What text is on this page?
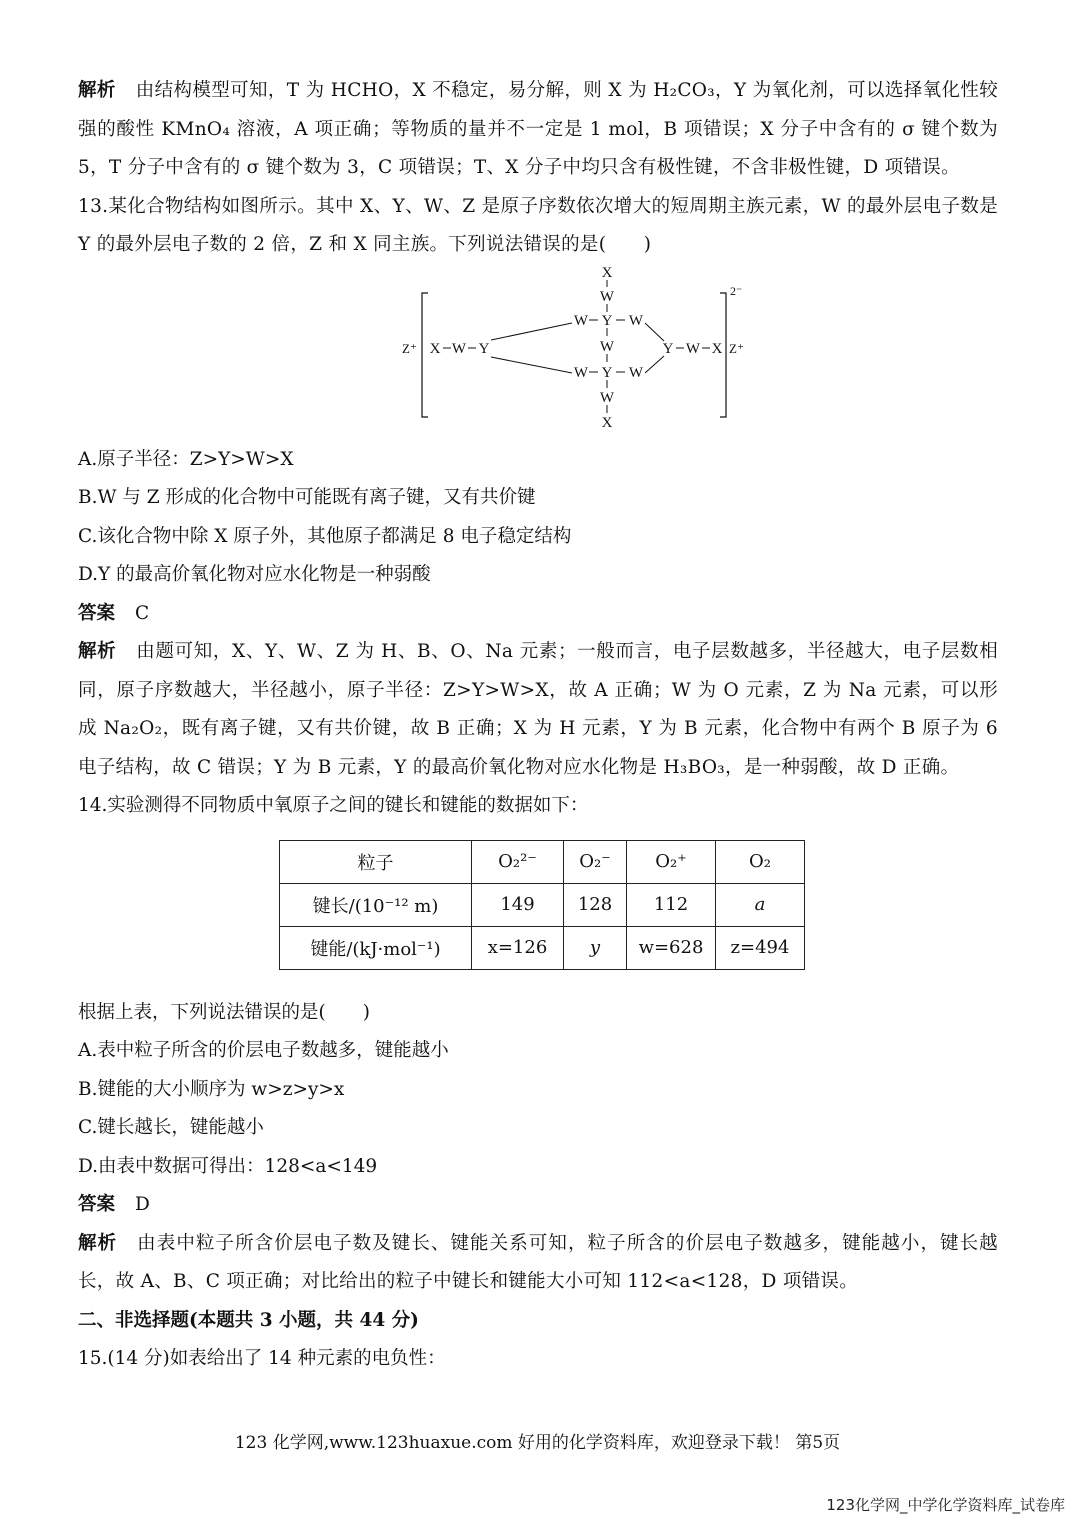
解析 由结构模型可知，T 为 HCHO，X 不稳定，易分解，则 X 为 H₂CO₃，Y 为氧化剂，可以选择氧化性较强的酸性 KMnO₄ 溶液，A 项正确；等物质的量并不一定是 1 mol，B 项错误；X 分子中含有的 σ 键个数为 5，T 分子中含有的 σ 键个数为 3，C 项错误；T、X 分子中均只含有极性键，不含非极性键，D 项错误。

13.某化合物结构如图所示。其中 X、Y、W、Z 是原子序数依次增大的短周期主族元素，W 的最外层电子数是 Y 的最外层电子数的 2 倍，Z 和 X 同主族。下列说法错误的是(　　)

2⁻
X
W
W Y W
W
W Y W
W
X
Z⁺ X W Y	Y W X Z⁺

A.原子半径：Z>Y>W>X

B.W 与 Z 形成的化合物中可能既有离子键，又有共价键

C.该化合物中除 X 原子外，其他原子都满足 8 电子稳定结构

D.Y 的最高价氧化物对应水化物是一种弱酸

答案 C

解析 由题可知，X、Y、W、Z 为 H、B、O、Na 元素；一般而言，电子层数越多，半径越大，电子层数相同，原子序数越大，半径越小，原子半径：Z>Y>W>X，故 A 正确；W 为 O 元素，Z 为 Na 元素，可以形成 Na₂O₂，既有离子键，又有共价键，故 B 正确；X 为 H 元素，Y 为 B 元素，化合物中有两个 B 原子为 6 电子结构，故 C 错误；Y 为 B 元素，Y 的最高价氧化物对应水化物是 H₃BO₃，是一种弱酸，故 D 正确。

14.实验测得不同物质中氧原子之间的键长和键能的数据如下：

粒子	O₂²⁻	O₂⁻	O₂⁺	O₂
键长/(10⁻¹² m)	149	128	112	a
键能/(kJ·mol⁻¹)	x=126	y	w=628	z=494

根据上表，下列说法错误的是(　　)

A.表中粒子所含的价层电子数越多，键能越小

B.键能的大小顺序为 w>z>y>x

C.键长越长，键能越小

D.由表中数据可得出：128<a<149

答案 D

解析 由表中粒子所含价层电子数及键长、键能关系可知，粒子所含的价层电子数越多，键能越小，键长越长，故 A、B、C 项正确；对比给出的粒子中键长和键能大小可知 112<a<128，D 项错误。

二、非选择题(本题共 3 小题，共 44 分)

15.(14 分)如表给出了 14 种元素的电负性：

123 化学网,www.123huaxue.com 好用的化学资料库，欢迎登录下载！ 第5页
123化学网_中学化学资料库_试卷库
